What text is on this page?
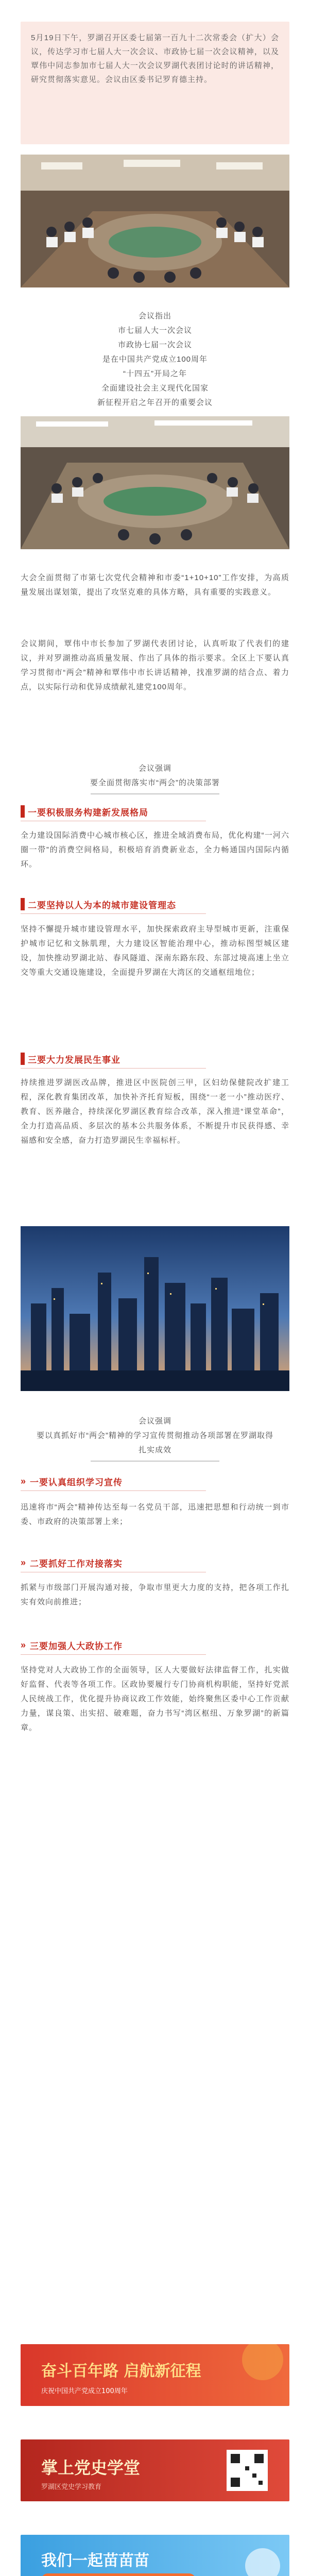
5月19日下午，罗湖召开区委七届第一百九十二次常委会（扩大）会议，传达学习市七届人大一次会议、市政协七届一次会议精神，以及覃伟中同志参加市七届人大一次会议罗湖代表团讨论时的讲话精神，研究贯彻落实意见。会议由区委书记罗育德主持。
会议指出
市七届人大一次会议
市政协七届一次会议
是在中国共产党成立100周年
“十四五”开局之年
全面建设社会主义现代化国家
新征程开启之年召开的重要会议
大会全面贯彻了市第七次党代会精神和市委“1+10+10”工作安排，为高质量发展出谋划策，提出了攻坚克难的具体方略，具有重要的实践意义。
会议期间，覃伟中市长参加了罗湖代表团讨论，认真听取了代表们的建议，并对罗湖推动高质量发展、作出了具体的指示要求。全区上下要认真学习贯彻市“两会”精神和覃伟中市长讲话精神，找准罗湖的结合点、着力点，以实际行动和优异成绩献礼建党100周年。
会议强调
要全面贯彻落实市“两会”的决策部署
一要积极服务构建新发展格局
全力建设国际消费中心城市核心区，推进全域消费布局，优化构建“一河六圈一带”的消费空间格局，积极培育消费新业态，全力畅通国内国际内循环。
二要坚持以人为本的城市建设管理态
坚持不懈提升城市建设管理水平，加快探索政府主导型城市更新，注重保护城市记忆和文脉肌理，大力建设区智能治理中心，推动标图型城区建设，加快推动罗湖北站、春风隧道、深南东路东段、东部过境高速上坐立交等重大交通设施建设，全面提升罗湖在大湾区的交通枢纽地位；
三要大力发展民生事业
持续推进罗湖医改品牌，推进区中医院创三甲，区妇幼保健院改扩建工程，深化教育集团改革，加快补齐托育短板，围绕“一老一小”推动医疗、教育、医养融合，持续深化罗湖区教育综合改革，深入推进“课堂革命”，全力打造高品质、多层次的基本公共服务体系，不断提升市民获得感、幸福感和安全感，奋力打造罗湖民生幸福标杆。
会议强调
要以真抓好市“两会”精神的学习宣传贯彻推动各项部署在罗湖取得扎实成效
» 一要认真组织学习宣传
迅速将市“两会”精神传达至每一名党员干部，迅速把思想和行动统一到市委、市政府的决策部署上来；
» 二要抓好工作对接落实
抓紧与市级部门开展沟通对接，争取市里更大力度的支持，把各项工作扎实有效向前推进；
» 三要加强人大政协工作
坚持党对人大政协工作的全面领导，区人大要做好法律监督工作，扎实做好监督、代表等各项工作。区政协要履行专门协商机构职能，坚持好党派人民统战工作，优化提升协商议政工作效能，始终聚焦区委中心工作贡献力量，谋良策、出实招、破难题，奋力书写“湾区枢纽、万象罗湖”的新篇章。
奋斗百年路 启航新征程
庆祝中国共产党成立100周年
掌上党史学堂
罗湖区党史学习教育
我们一起苗苗苗
